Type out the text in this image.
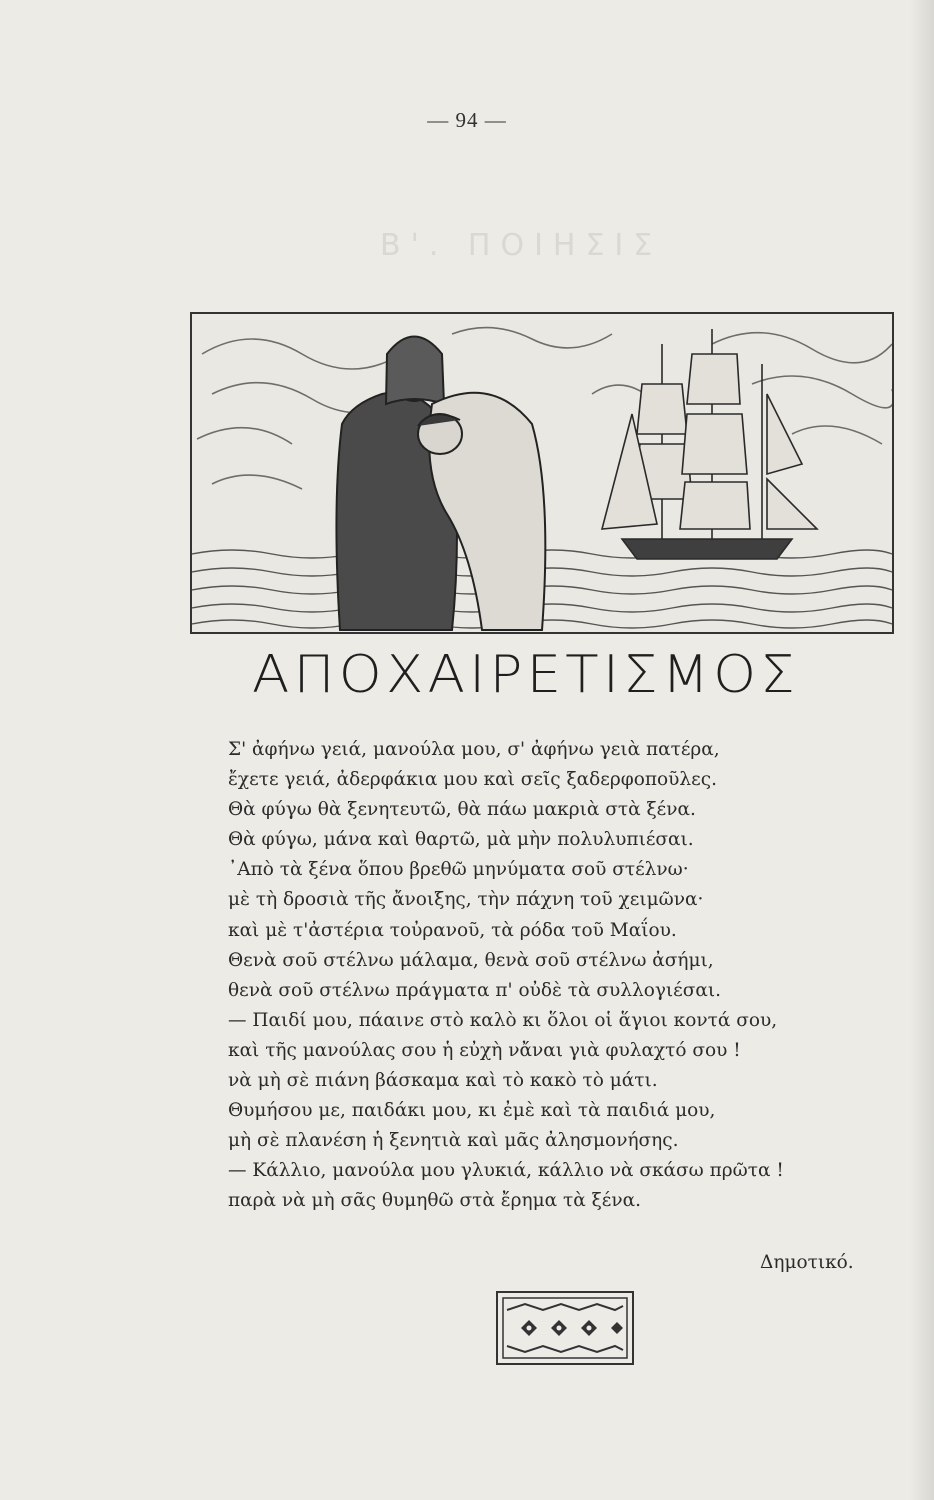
— 94 —
Β'. ΠΟΙΗΣΙΣ
ΑΠΟΧΑΙΡΕΤΙΣΜΟΣ
Σ' ἀφήνω γειά, μανούλα μου, σ' ἀφήνω γειὰ πατέρα,
ἔχετε γειά, ἀδερφάκια μου καὶ σεῖς ξαδερφοποῦλες.
Θὰ φύγω θὰ ξενητευτῶ, θὰ πάω μακριὰ στὰ ξένα.
Θὰ φύγω, μάνα καὶ θαρτῶ, μὰ μὴν πολυλυπιέσαι.
᾿Απὸ τὰ ξένα ὅπου βρεθῶ μηνύματα σοῦ στέλνω·
μὲ τὴ δροσιὰ τῆς ἄνοιξης, τὴν πάχνη τοῦ χειμῶνα·
καὶ μὲ τ'ἀστέρια τοὐρανοῦ, τὰ ρόδα τοῦ Μαΐου.
Θενὰ σοῦ στέλνω μάλαμα, θενὰ σοῦ στέλνω ἀσήμι,
θενὰ σοῦ στέλνω πράγματα π' οὐδὲ τὰ συλλογιέσαι.
— Παιδί μου, πάαινε στὸ καλὸ κι ὅλοι οἱ ἅγιοι κοντά σου,
καὶ τῆς μανούλας σου ἡ εὐχὴ νἄναι γιὰ φυλαχτό σου !
νὰ μὴ σὲ πιάνη βάσκαμα καὶ τὸ κακὸ τὸ μάτι.
Θυμήσου με, παιδάκι μου, κι ἐμὲ καὶ τὰ παιδιά μου,
μὴ σὲ πλανέση ἡ ξενητιὰ καὶ μᾶς ἀλησμονήσης.
— Κάλλιο, μανούλα μου γλυκιά, κάλλιο νὰ σκάσω πρῶτα !
παρὰ νὰ μὴ σᾶς θυμηθῶ στὰ ἔρημα τὰ ξένα.
Δημοτικό.
